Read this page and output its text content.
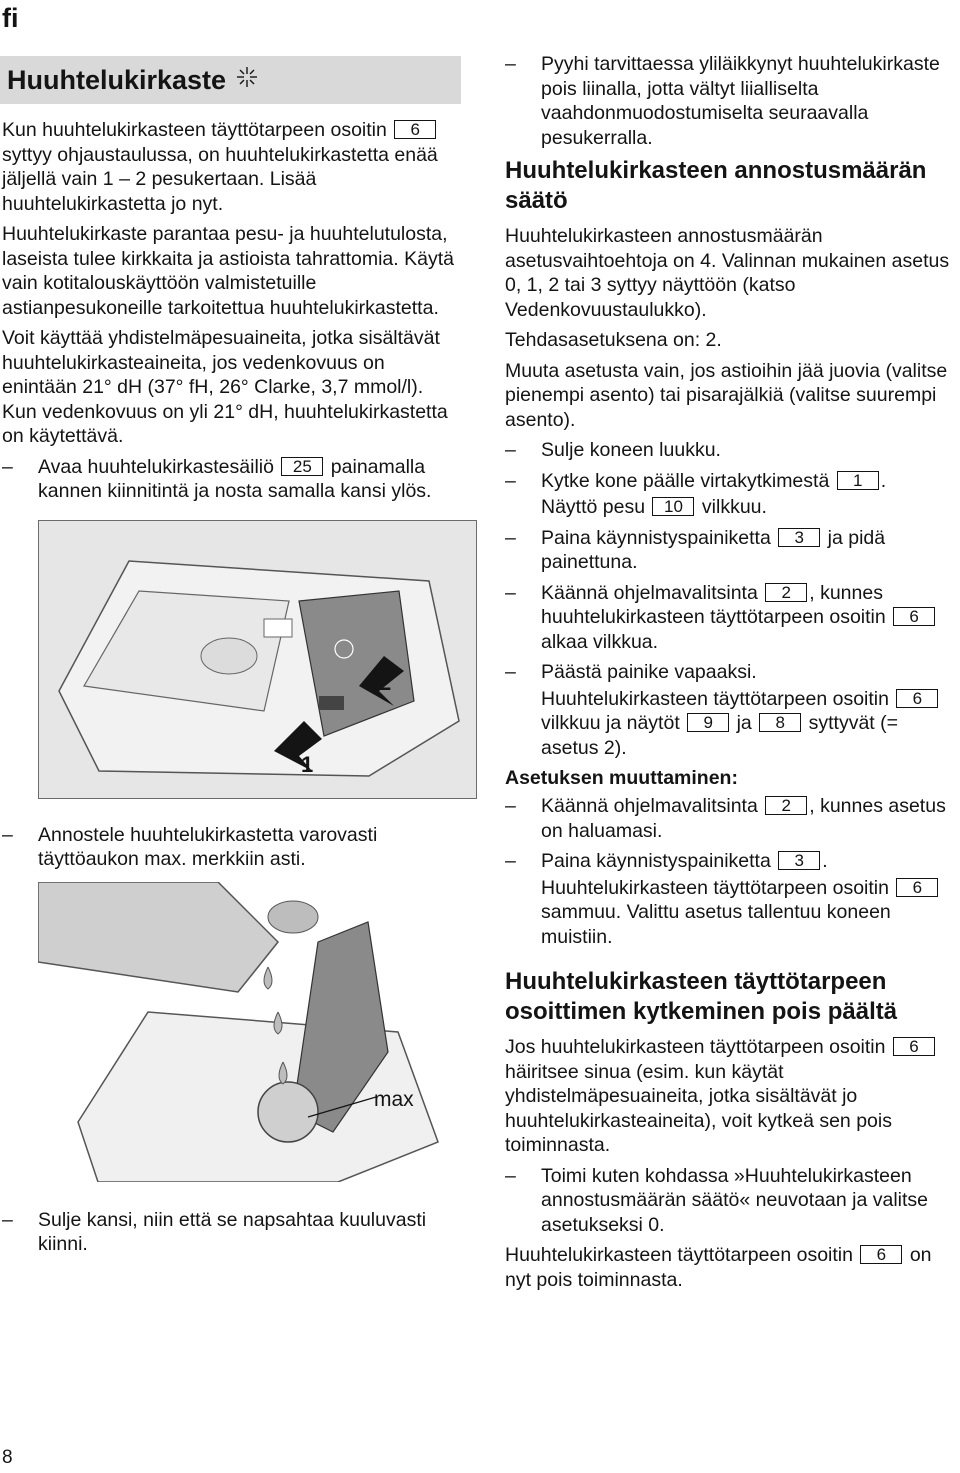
fi
Huuhtelukirkaste

Kun huuhtelukirkasteen täyttötarpeen osoitin 6 syttyy ohjaustaulussa, on huuhtelukirkastetta enää jäljellä vain 1 – 2 pesukertaan. Lisää huuhtelukirkastetta jo nyt.

Huuhtelukirkaste parantaa pesu- ja huuhtelutulosta, laseista tulee kirkkaita ja astioista tahrattomia. Käytä vain kotitalouskäyttöön valmistetuille astianpesukoneille tarkoitettua huuhtelukirkastetta.

Voit käyttää yhdistelmäpesuaineita, jotka sisältävät huuhtelukirkasteaineita, jos vedenkovuus on enintään 21° dH (37° fH, 26° Clarke, 3,7 mmol/l). Kun vedenkovuus on yli 21° dH, huuhtelukirkastetta on käytettävä.

– Avaa huuhtelukirkastesäiliö 25 painamalla kannen kiinnitintä ja nosta samalla kansi ylös.
1
2
– Annostele huuhtelukirkastetta varovasti täyttöaukon max. merkkiin asti.
max
– Sulje kansi, niin että se napsahtaa kuuluvasti kiinni.
– Pyyhi tarvittaessa yliläikkynyt huuhtelukirkaste pois liinalla, jotta vältyt liialliselta vaahdonmuodostumiselta seuraavalla pesukerralla.
Huuhtelukirkasteen annostusmäärän säätö

Huuhtelukirkasteen annostusmäärän asetusvaihtoehtoja on 4. Valinnan mukainen asetus 0, 1, 2 tai 3 syttyy näyttöön (katso Vedenkovuustaulukko).

Tehdasasetuksena on: 2.

Muuta asetusta vain, jos astioihin jää juovia (valitse pienempi asento) tai pisarajälkiä (valitse suurempi asento).

– Sulje koneen luukku.
– Kytke kone päälle virtakytkimestä 1 .
Näyttö pesu 10 vilkkuu.
– Paina käynnistyspainiketta 3 ja pidä painettuna.
– Käännä ohjelmavalitsinta 2 , kunnes huuhtelukirkasteen täyttötarpeen osoitin 6 alkaa vilkkua.
– Päästä painike vapaaksi.
Huuhtelukirkasteen täyttötarpeen osoitin 6 vilkkuu ja näytöt 9 ja 8 syttyvät (= asetus 2).
Asetuksen muuttaminen:
– Käännä ohjelmavalitsinta 2 , kunnes asetus on haluamasi.
– Paina käynnistyspainiketta 3 .
Huuhtelukirkasteen täyttötarpeen osoitin 6 sammuu. Valittu asetus tallentuu koneen muistiin.
Huuhtelukirkasteen täyttötarpeen osoittimen kytkeminen pois päältä

Jos huuhtelukirkasteen täyttötarpeen osoitin 6 häiritsee sinua (esim. kun käytät yhdistelmäpesuaineita, jotka sisältävät jo huuhtelukirkasteaineita), voit kytkeä sen pois toiminnasta.

– Toimi kuten kohdassa »Huuhtelukirkasteen annostusmäärän säätö« neuvotaan ja valitse asetukseksi 0.

Huuhtelukirkasteen täyttötarpeen osoitin 6 on nyt pois toiminnasta.

8
